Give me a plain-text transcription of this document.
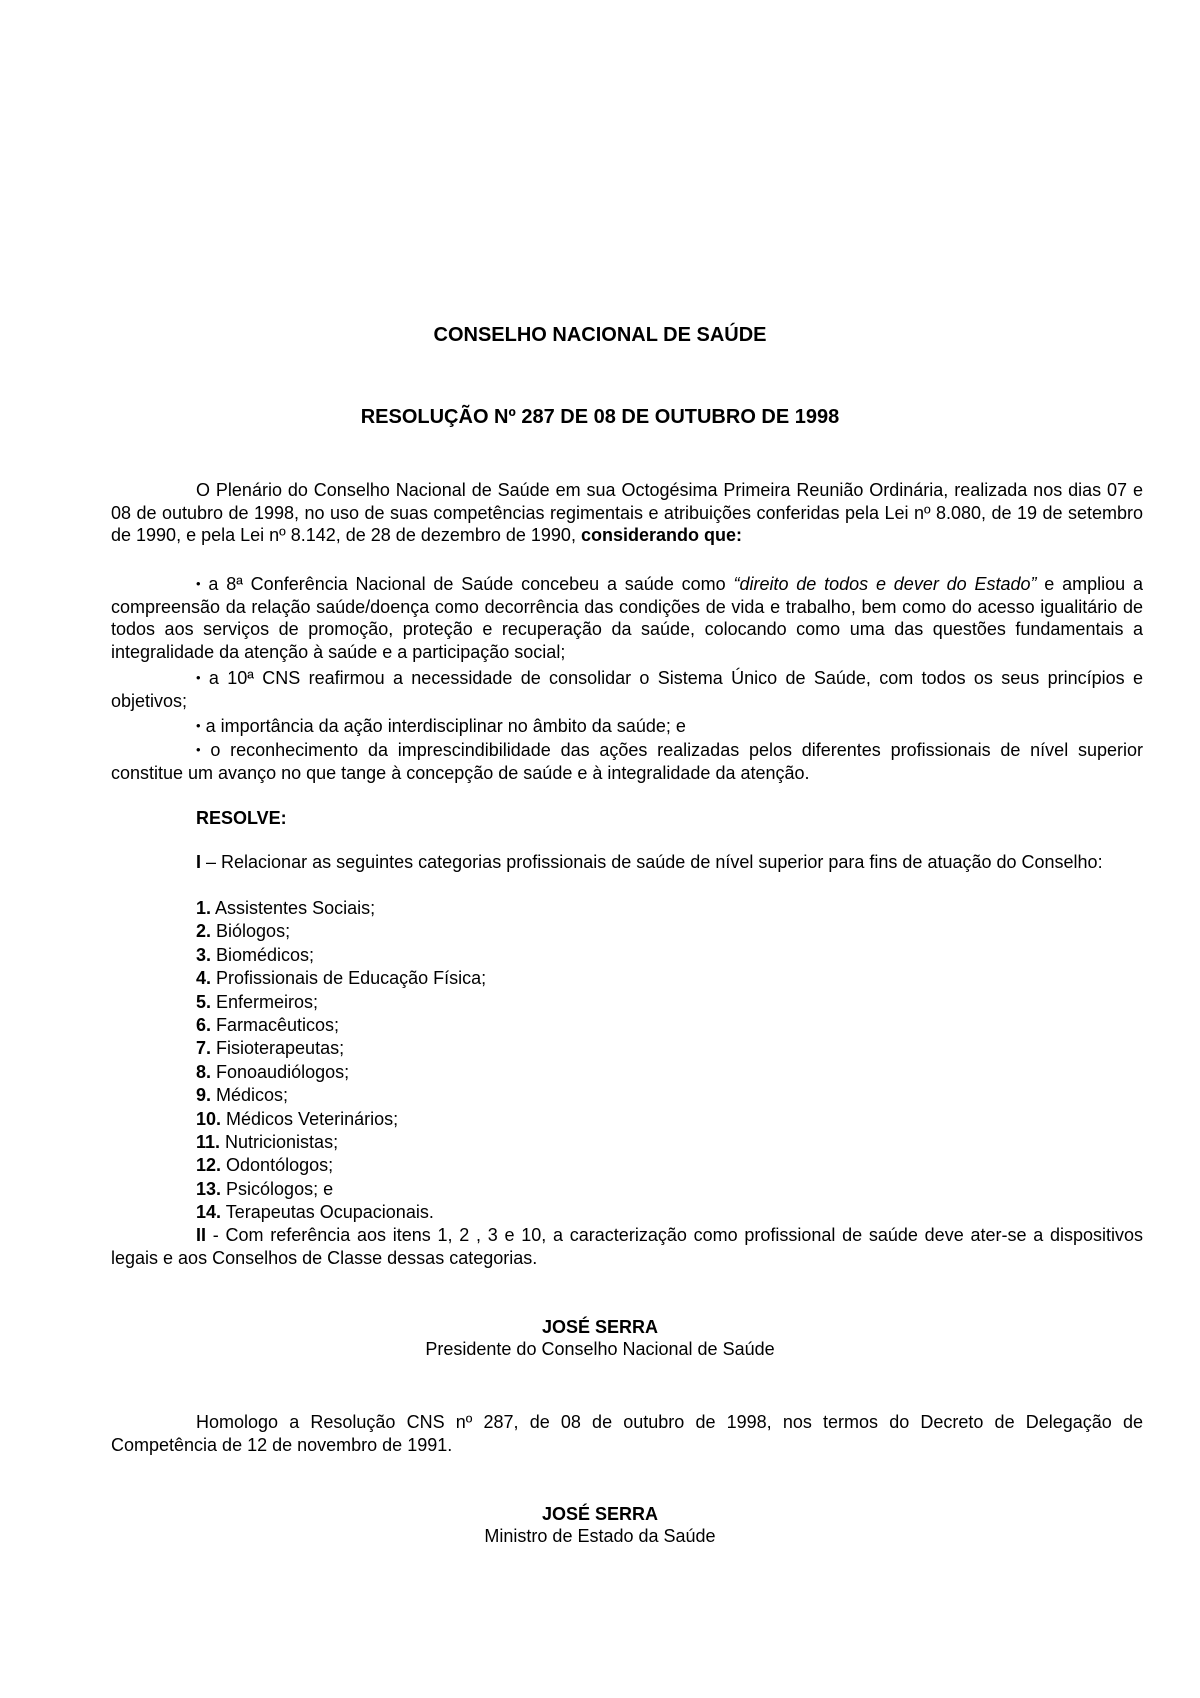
CONSELHO NACIONAL DE SAÚDE
RESOLUÇÃO Nº 287 DE 08 DE OUTUBRO DE 1998
O Plenário do Conselho Nacional de Saúde em sua Octogésima Primeira Reunião Ordinária, realizada nos dias 07 e 08 de outubro de 1998, no uso de suas competências regimentais e atribuições conferidas pela Lei nº 8.080, de 19 de setembro de 1990, e pela Lei nº 8.142, de 28 de dezembro de 1990, considerando que:
• a 8ª Conferência Nacional de Saúde concebeu a saúde como “direito de todos e dever do Estado” e ampliou a compreensão da relação saúde/doença como decorrência das condições de vida e trabalho, bem como do acesso igualitário de todos aos serviços de promoção, proteção e recuperação da saúde, colocando como uma das questões fundamentais a integralidade da atenção à saúde e a participação social;
• a 10ª CNS reafirmou a necessidade de consolidar o Sistema Único de Saúde, com todos os seus princípios e objetivos;
• a importância da ação interdisciplinar no âmbito da saúde; e
• o reconhecimento da imprescindibilidade das ações realizadas pelos diferentes profissionais de nível superior constitue um avanço no que tange à concepção de saúde e à integralidade da atenção.
RESOLVE:
I – Relacionar as seguintes categorias profissionais de saúde de nível superior para fins de atuação do Conselho:
1. Assistentes Sociais;
2. Biólogos;
3. Biomédicos;
4. Profissionais de Educação Física;
5. Enfermeiros;
6. Farmacêuticos;
7. Fisioterapeutas;
8. Fonoaudiólogos;
9. Médicos;
10. Médicos Veterinários;
11. Nutricionistas;
12. Odontólogos;
13. Psicólogos; e
14. Terapeutas Ocupacionais.
II - Com referência aos itens 1, 2 , 3 e 10, a caracterização como profissional de saúde deve ater-se a dispositivos legais e aos Conselhos de Classe dessas categorias.
JOSÉ SERRA
Presidente do Conselho Nacional de Saúde
Homologo a Resolução CNS nº 287, de 08 de outubro de 1998, nos termos do Decreto de Delegação de Competência de 12 de novembro de 1991.
JOSÉ SERRA
Ministro de Estado da Saúde
